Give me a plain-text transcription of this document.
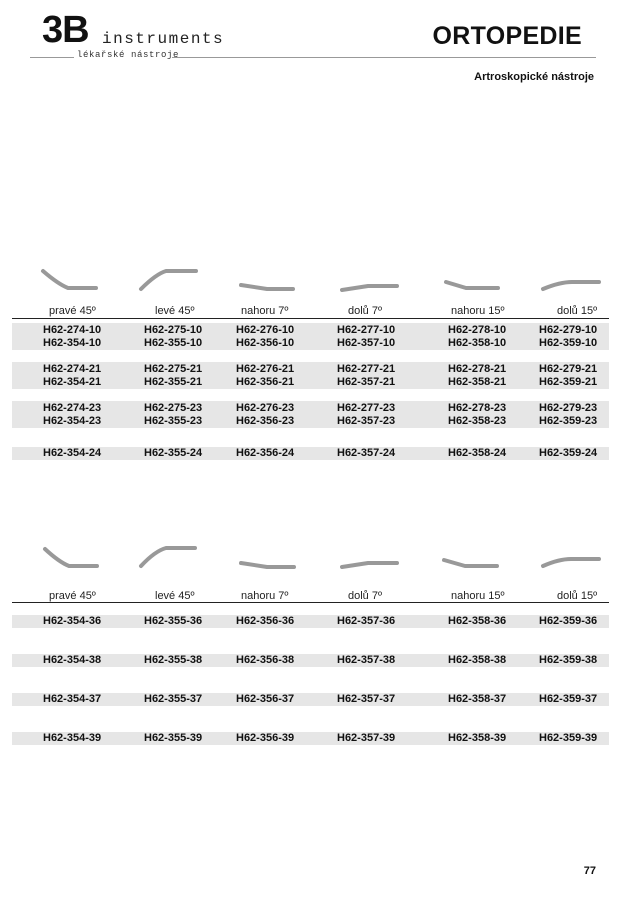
3B instruments
lékařské nástroje
ORTOPEDIE
Artroskopické nástroje
pravé 45º	levé 45º	nahoru 7º	dolů 7º	nahoru 15º	dolů 15º
H62-274-10	H62-275-10	H62-276-10	H62-277-10	H62-278-10	H62-279-10
H62-354-10	H62-355-10	H62-356-10	H62-357-10	H62-358-10	H62-359-10
H62-274-21	H62-275-21	H62-276-21	H62-277-21	H62-278-21	H62-279-21
H62-354-21	H62-355-21	H62-356-21	H62-357-21	H62-358-21	H62-359-21
H62-274-23	H62-275-23	H62-276-23	H62-277-23	H62-278-23	H62-279-23
H62-354-23	H62-355-23	H62-356-23	H62-357-23	H62-358-23	H62-359-23
H62-354-24	H62-355-24	H62-356-24	H62-357-24	H62-358-24	H62-359-24
pravé 45º	levé 45º	nahoru 7º	dolů 7º	nahoru 15º	dolů 15º
H62-354-36	H62-355-36	H62-356-36	H62-357-36	H62-358-36	H62-359-36
H62-354-38	H62-355-38	H62-356-38	H62-357-38	H62-358-38	H62-359-38
H62-354-37	H62-355-37	H62-356-37	H62-357-37	H62-358-37	H62-359-37
H62-354-39	H62-355-39	H62-356-39	H62-357-39	H62-358-39	H62-359-39
77
